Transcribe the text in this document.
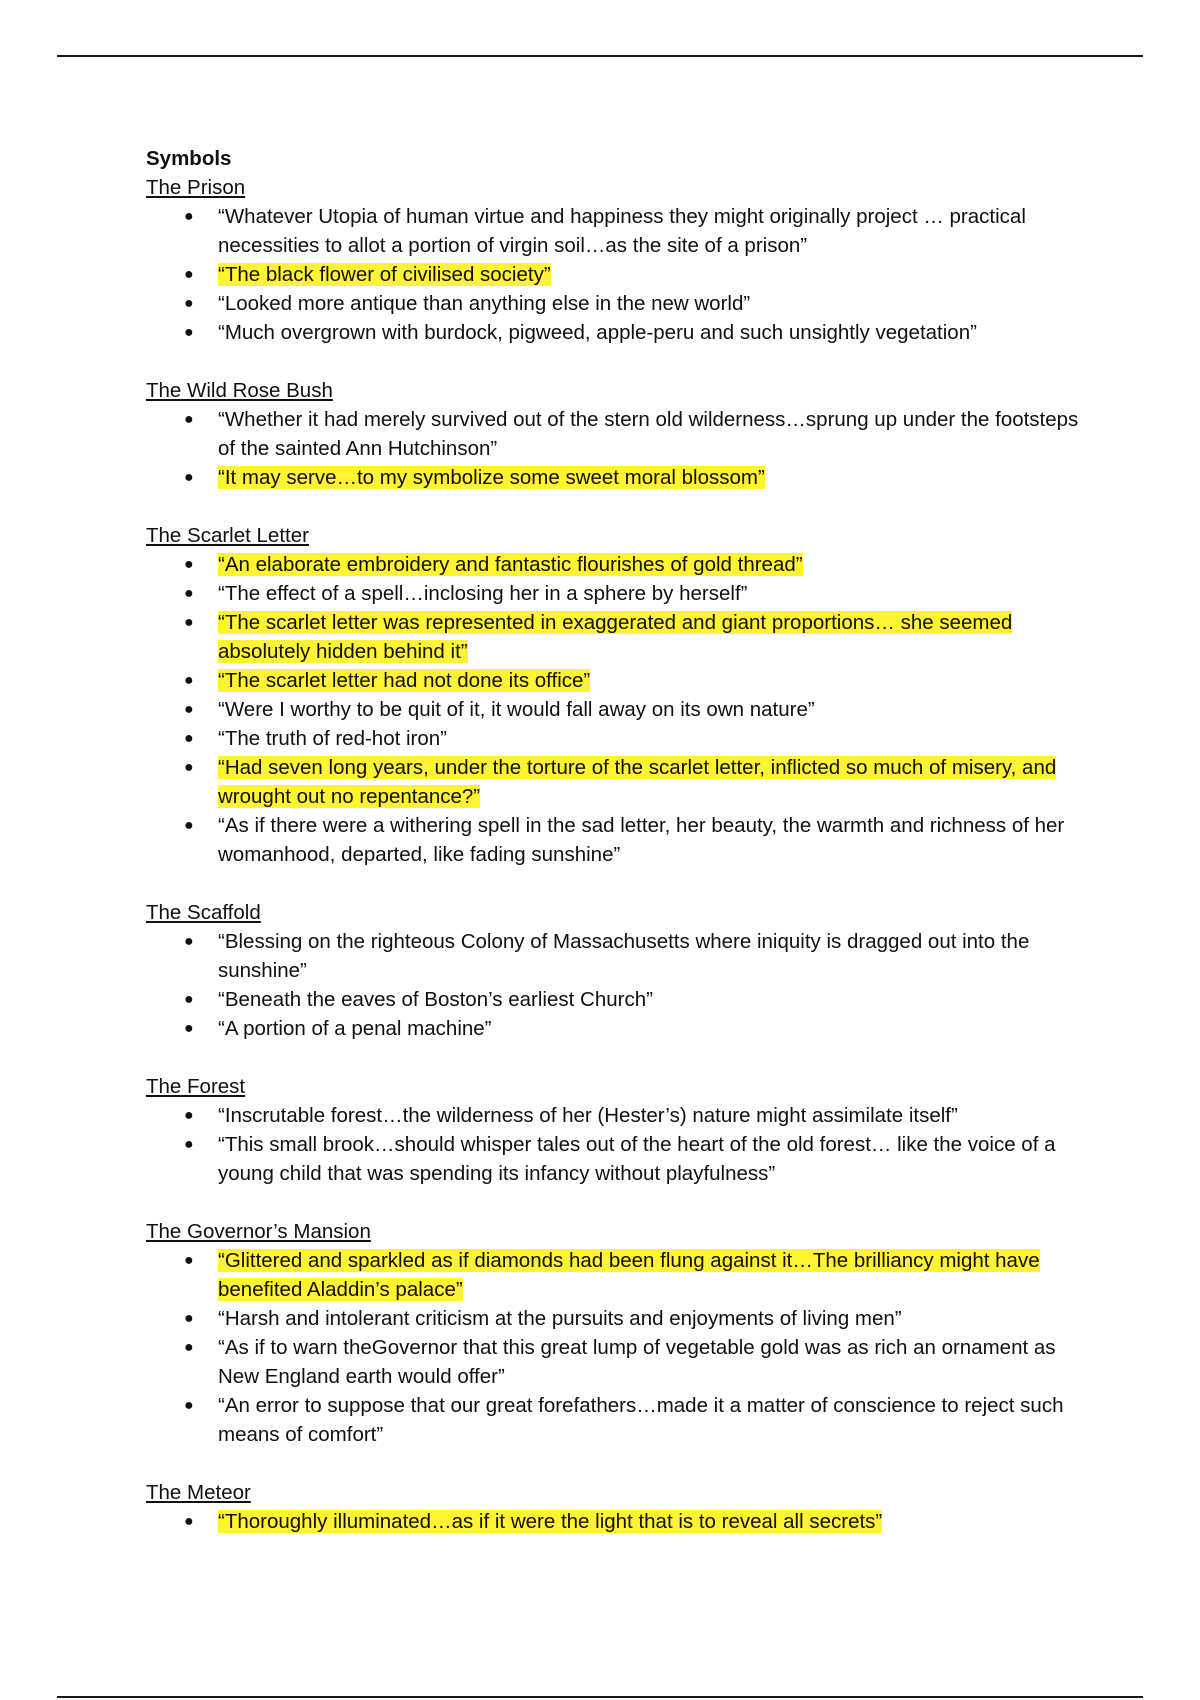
Symbols
The Prison
● “Whatever Utopia of human virtue and happiness they might originally project … practical necessities to allot a portion of virgin soil…as the site of a prison”
● “The black flower of civilised society”
● “Looked more antique than anything else in the new world”
● “Much overgrown with burdock, pigweed, apple-peru and such unsightly vegetation”
The Wild Rose Bush
● “Whether it had merely survived out of the stern old wilderness…sprung up under the footsteps of the sainted Ann Hutchinson”
● “It may serve…to my symbolize some sweet moral blossom”
The Scarlet Letter
● “An elaborate embroidery and fantastic flourishes of gold thread”
● “The effect of a spell…inclosing her in a sphere by herself”
● “The scarlet letter was represented in exaggerated and giant proportions… she seemed absolutely hidden behind it”
● “The scarlet letter had not done its office”
● “Were I worthy to be quit of it, it would fall away on its own nature”
● “The truth of red-hot iron”
● “Had seven long years, under the torture of the scarlet letter, inflicted so much of misery, and wrought out no repentance?”
● “As if there were a withering spell in the sad letter, her beauty, the warmth and richness of her womanhood, departed, like fading sunshine”
The Scaffold
● “Blessing on the righteous Colony of Massachusetts where iniquity is dragged out into the sunshine”
● “Beneath the eaves of Boston’s earliest Church”
● “A portion of a penal machine”
The Forest
● “Inscrutable forest…the wilderness of her (Hester’s) nature might assimilate itself”
● “This small brook…should whisper tales out of the heart of the old forest… like the voice of a young child that was spending its infancy without playfulness”
The Governor’s Mansion
● “Glittered and sparkled as if diamonds had been flung against it…The brilliancy might have benefited Aladdin’s palace”
● “Harsh and intolerant criticism at the pursuits and enjoyments of living men”
● “As if to warn theGovernor that this great lump of vegetable gold was as rich an ornament as New England earth would offer”
● “An error to suppose that our great forefathers…made it a matter of conscience to reject such means of comfort”
The Meteor
● “Thoroughly illuminated…as if it were the light that is to reveal all secrets”
